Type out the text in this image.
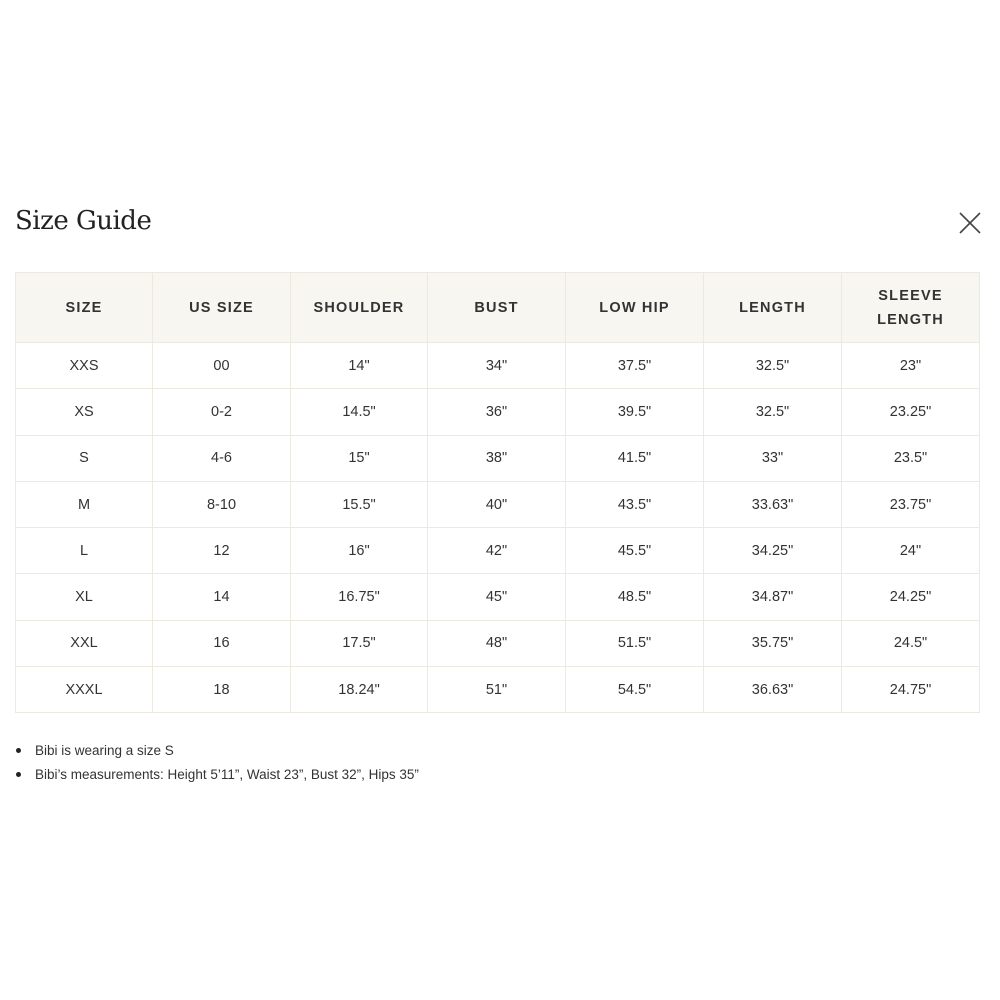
Size Guide
SIZE	US SIZE	SHOULDER	BUST	LOW HIP	LENGTH	SLEEVE LENGTH
XXS	00	14"	34"	37.5"	32.5"	23"
XS	0-2	14.5"	36"	39.5"	32.5"	23.25"
S	4-6	15"	38"	41.5"	33"	23.5"
M	8-10	15.5"	40"	43.5"	33.63"	23.75"
L	12	16"	42"	45.5"	34.25"	24"
XL	14	16.75"	45"	48.5"	34.87"	24.25"
XXL	16	17.5"	48"	51.5"	35.75"	24.5"
XXXL	18	18.24"	51"	54.5"	36.63"	24.75"
Bibi is wearing a size S
Bibi’s measurements: Height 5’11”, Waist 23”, Bust 32”, Hips 35”
